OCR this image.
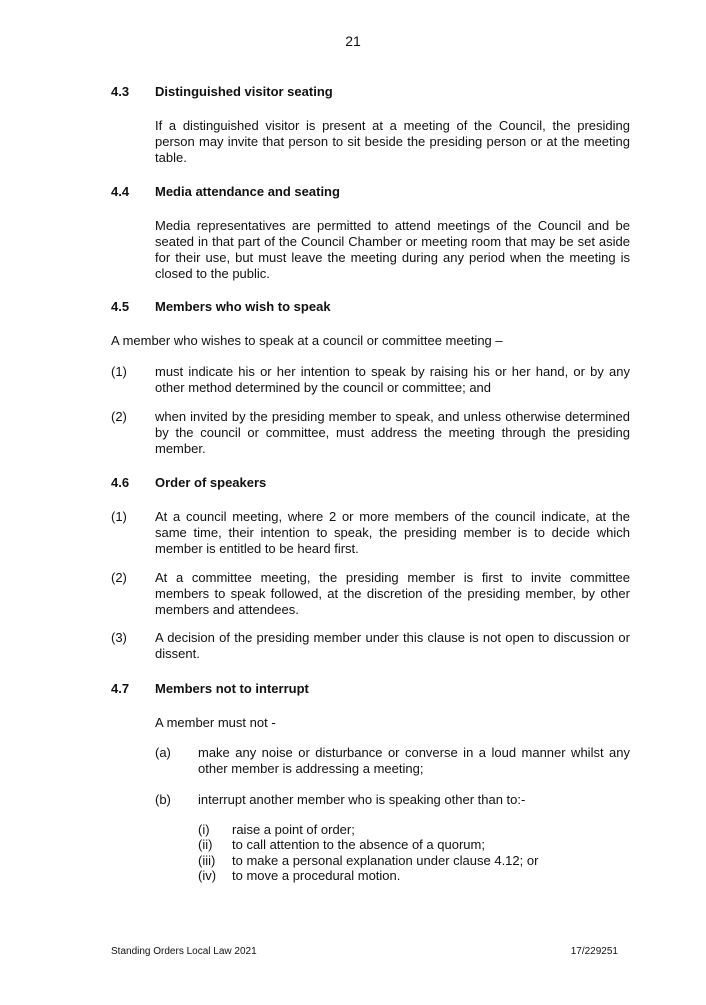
21
4.3 Distinguished visitor seating
If a distinguished visitor is present at a meeting of the Council, the presiding person may invite that person to sit beside the presiding person or at the meeting table.
4.4 Media attendance and seating
Media representatives are permitted to attend meetings of the Council and be seated in that part of the Council Chamber or meeting room that may be set aside for their use, but must leave the meeting during any period when the meeting is closed to the public.
4.5 Members who wish to speak
A member who wishes to speak at a council or committee meeting –
(1) must indicate his or her intention to speak by raising his or her hand, or by any other method determined by the council or committee; and
(2) when invited by the presiding member to speak, and unless otherwise determined by the council or committee, must address the meeting through the presiding member.
4.6 Order of speakers
(1) At a council meeting, where 2 or more members of the council indicate, at the same time, their intention to speak, the presiding member is to decide which member is entitled to be heard first.
(2) At a committee meeting, the presiding member is first to invite committee members to speak followed, at the discretion of the presiding member, by other members and attendees.
(3) A decision of the presiding member under this clause is not open to discussion or dissent.
4.7 Members not to interrupt
A member must not -
(a) make any noise or disturbance or converse in a loud manner whilst any other member is addressing a meeting;
(b) interrupt another member who is speaking other than to:-
(i) raise a point of order;
(ii) to call attention to the absence of a quorum;
(iii) to make a personal explanation under clause 4.12; or
(iv) to move a procedural motion.
Standing Orders Local Law 2021	17/229251
